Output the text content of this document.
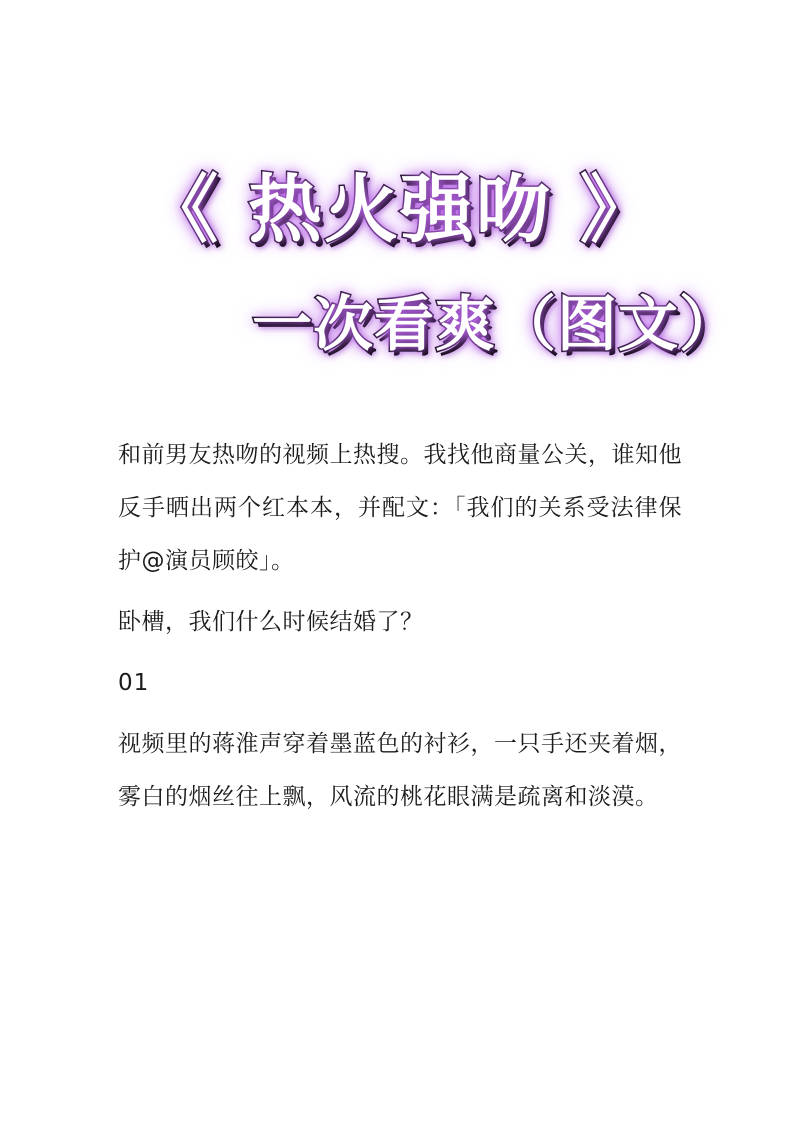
《 热火强吻 》
一次看爽（图文）

和前男友热吻的视频上热搜。我找他商量公关，谁知他反手晒出两个红本本，并配文：「我们的关系受法律保护@演员顾皎」。

卧槽，我们什么时候结婚了？

01

视频里的蒋淮声穿着墨蓝色的衬衫，一只手还夹着烟，雾白的烟丝往上飘，风流的桃花眼满是疏离和淡漠。
